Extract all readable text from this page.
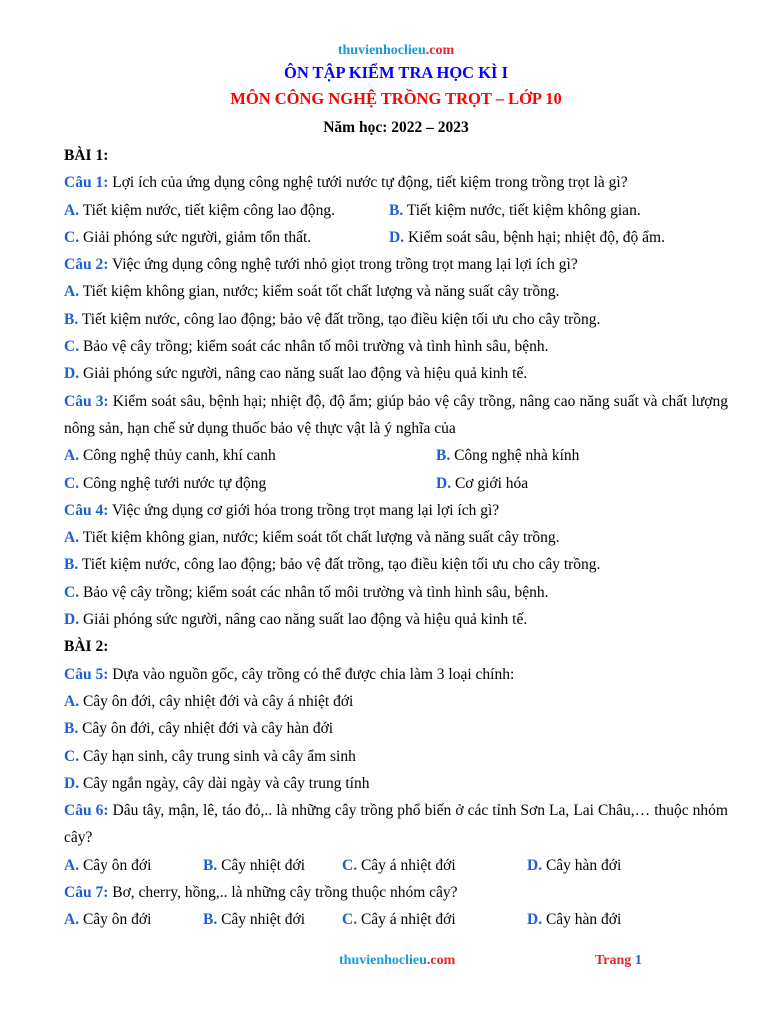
thuvienhoclieu.com
ÔN TẬP KIỂM TRA HỌC KÌ I
MÔN CÔNG NGHỆ TRỒNG TRỌT – LỚP 10
Năm học: 2022 – 2023
BÀI 1:
Câu 1: Lợi ích của ứng dụng công nghệ tưới nước tự động, tiết kiệm trong trồng trọt là gì?
A. Tiết kiệm nước, tiết kiệm công lao động.	B. Tiết kiệm nước, tiết kiệm không gian.
C. Giải phóng sức người, giảm tổn thất.	D. Kiểm soát sâu, bệnh hại; nhiệt độ, độ ẩm.
Câu 2: Việc ứng dụng công nghệ tưới nhỏ giọt trong trồng trọt mang lại lợi ích gì?
A. Tiết kiệm không gian, nước; kiểm soát tốt chất lượng và năng suất cây trồng.
B. Tiết kiệm nước, công lao động; bảo vệ đất trồng, tạo điều kiện tối ưu cho cây trồng.
C. Bảo vệ cây trồng; kiểm soát các nhân tố môi trường và tình hình sâu, bệnh.
D. Giải phóng sức người, nâng cao năng suất lao động và hiệu quả kinh tế.
Câu 3: Kiểm soát sâu, bệnh hại; nhiệt độ, độ ẩm; giúp bảo vệ cây trồng, nâng cao năng suất và chất lượng nông sản, hạn chế sử dụng thuốc bảo vệ thực vật là ý nghĩa của
A. Công nghệ thủy canh, khí canh	B. Công nghệ nhà kính
C. Công nghệ tưới nước tự động	D. Cơ giới hóa
Câu 4: Việc ứng dụng cơ giới hóa trong trồng trọt mang lại lợi ích gì?
A. Tiết kiệm không gian, nước; kiểm soát tốt chất lượng và năng suất cây trồng.
B. Tiết kiệm nước, công lao động; bảo vệ đất trồng, tạo điều kiện tối ưu cho cây trồng.
C. Bảo vệ cây trồng; kiểm soát các nhân tố môi trường và tình hình sâu, bệnh.
D. Giải phóng sức người, nâng cao năng suất lao động và hiệu quả kinh tế.
BÀI 2:
Câu 5: Dựa vào nguồn gốc, cây trồng có thể được chia làm 3 loại chính:
A. Cây ôn đới, cây nhiệt đới và cây á nhiệt đới
B. Cây ôn đới, cây nhiệt đới và cây hàn đới
C. Cây hạn sinh, cây trung sinh và cây ẩm sinh
D. Cây ngắn ngày, cây dài ngày và cây trung tính
Câu 6: Dâu tây, mận, lê, táo đỏ,.. là những cây trồng phổ biến ở các tỉnh Sơn La, Lai Châu,… thuộc nhóm cây?
A. Cây ôn đới	B. Cây nhiệt đới	C. Cây á nhiệt đới	D. Cây hàn đới
Câu 7: Bơ, cherry, hồng,.. là những cây trồng thuộc nhóm cây?
A. Cây ôn đới	B. Cây nhiệt đới	C. Cây á nhiệt đới	D. Cây hàn đới
thuvienhoclieu.com	Trang 1
